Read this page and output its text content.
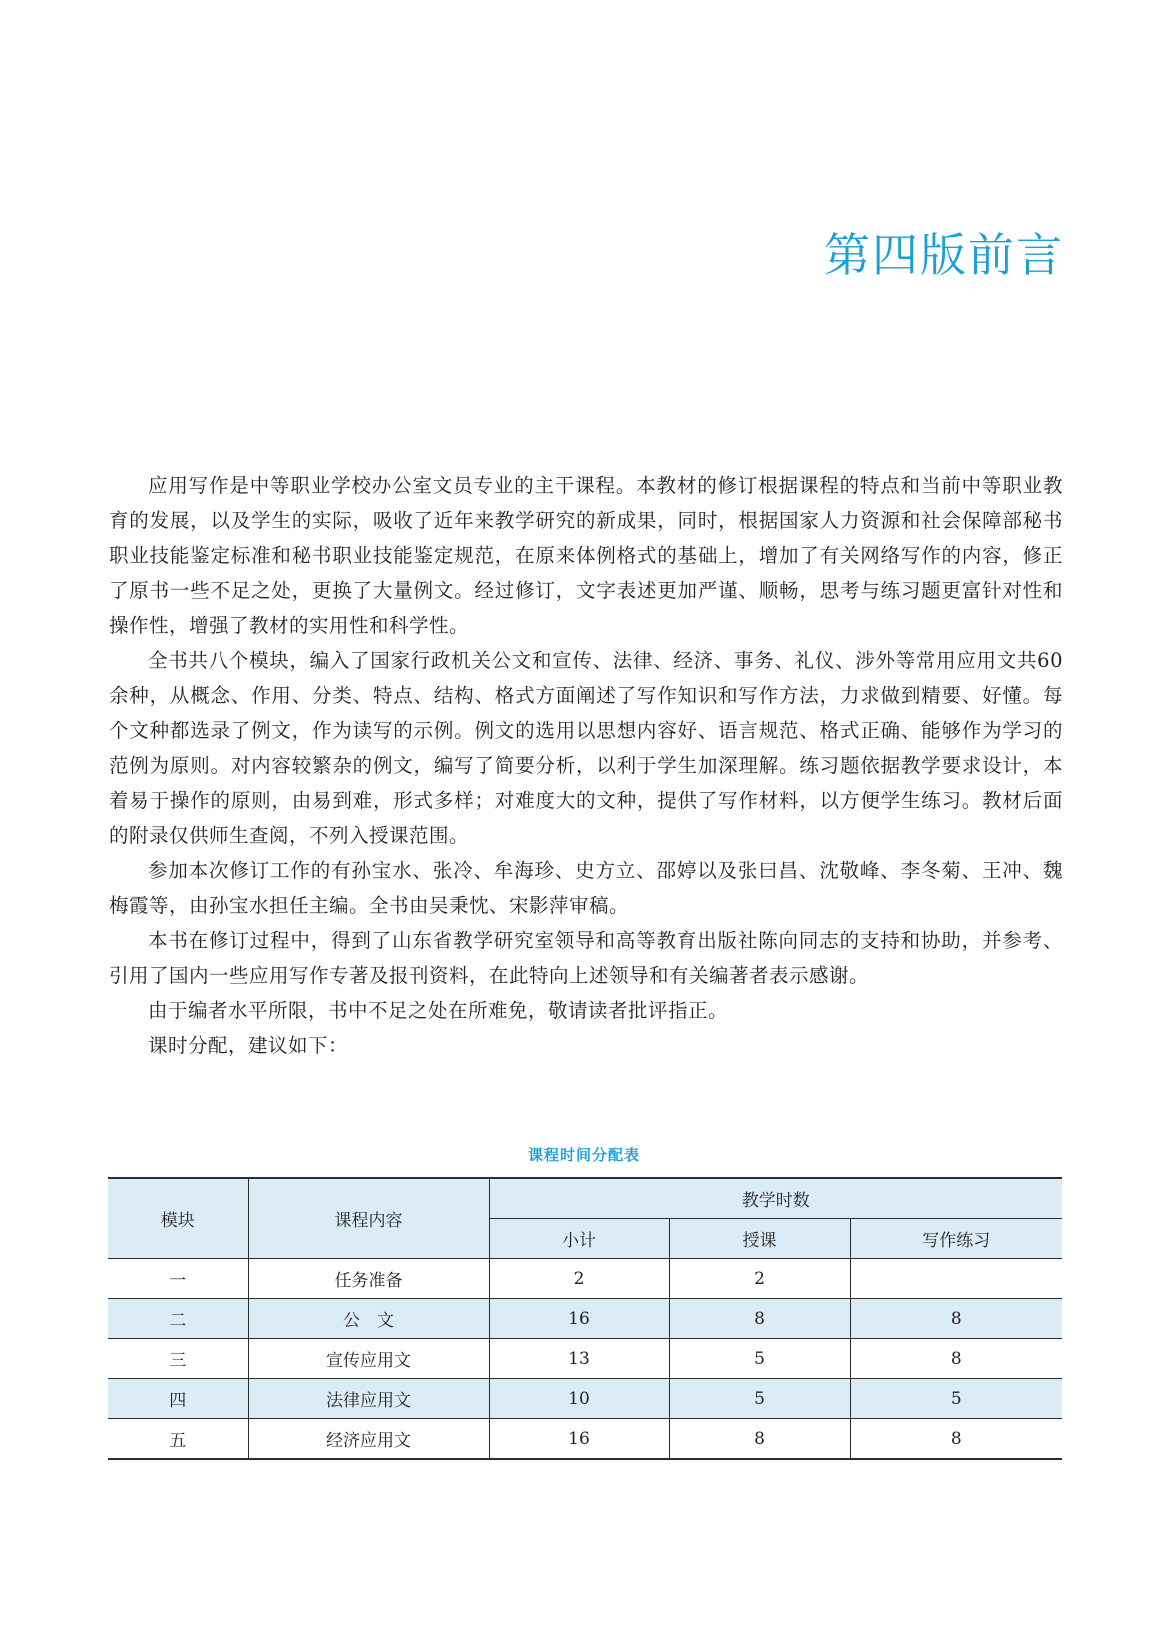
第四版前言

应用写作是中等职业学校办公室文员专业的主干课程。本教材的修订根据课程的特点和当前中等职业教育的发展，以及学生的实际，吸收了近年来教学研究的新成果，同时，根据国家人力资源和社会保障部秘书职业技能鉴定标准和秘书职业技能鉴定规范，在原来体例格式的基础上，增加了有关网络写作的内容，修正了原书一些不足之处，更换了大量例文。经过修订，文字表述更加严谨、顺畅，思考与练习题更富针对性和操作性，增强了教材的实用性和科学性。

全书共八个模块，编入了国家行政机关公文和宣传、法律、经济、事务、礼仪、涉外等常用应用文共60余种，从概念、作用、分类、特点、结构、格式方面阐述了写作知识和写作方法，力求做到精要、好懂。每个文种都选录了例文，作为读写的示例。例文的选用以思想内容好、语言规范、格式正确、能够作为学习的范例为原则。对内容较繁杂的例文，编写了简要分析，以利于学生加深理解。练习题依据教学要求设计，本着易于操作的原则，由易到难，形式多样；对难度大的文种，提供了写作材料，以方便学生练习。教材后面的附录仅供师生查阅，不列入授课范围。

参加本次修订工作的有孙宝水、张冷、牟海珍、史方立、邵婷以及张曰昌、沈敬峰、李冬菊、王冲、魏梅霞等，由孙宝水担任主编。全书由吴秉忱、宋影萍审稿。

本书在修订过程中，得到了山东省教学研究室领导和高等教育出版社陈向同志的支持和协助，并参考、引用了国内一些应用写作专著及报刊资料，在此特向上述领导和有关编著者表示感谢。

由于编者水平所限，书中不足之处在所难免，敬请读者批评指正。

课时分配，建议如下：

课程时间分配表
模块	课程内容	教学时数		
		小计	授课	写作练习
一	任务准备	2	2	
二	公　文	16	8	8
三	宣传应用文	13	5	8
四	法律应用文	10	5	5
五	经济应用文	16	8	8
